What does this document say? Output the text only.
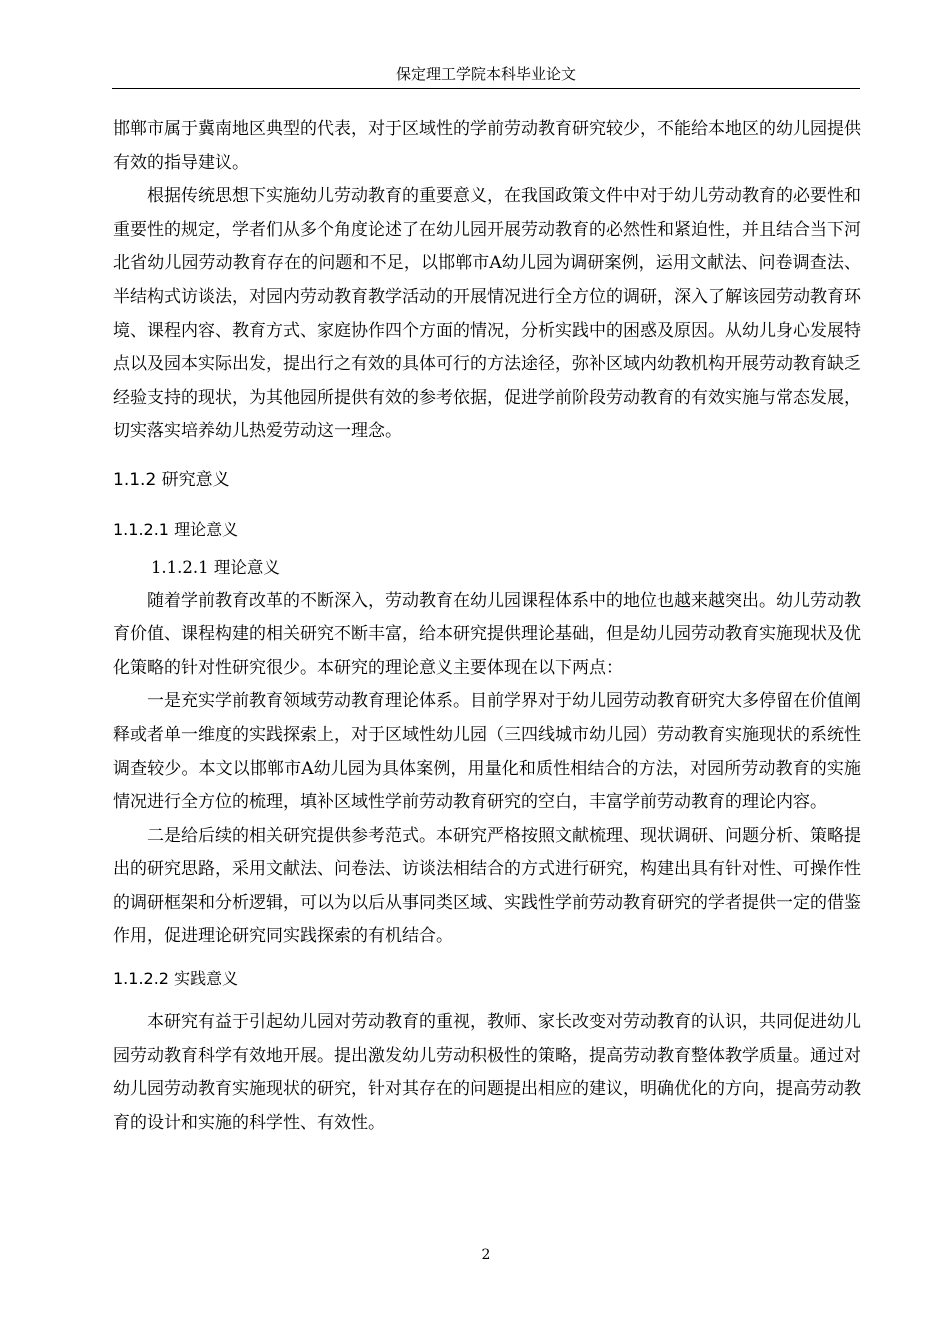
保定理工学院本科毕业论文

邯郸市属于冀南地区典型的代表，对于区域性的学前劳动教育研究较少，不能给本地区的幼儿园提供有效的指导建议。

根据传统思想下实施幼儿劳动教育的重要意义，在我国政策文件中对于幼儿劳动教育的必要性和重要性的规定，学者们从多个角度论述了在幼儿园开展劳动教育的必然性和紧迫性，并且结合当下河北省幼儿园劳动教育存在的问题和不足，以邯郸市A幼儿园为调研案例，运用文献法、问卷调查法、半结构式访谈法，对园内劳动教育教学活动的开展情况进行全方位的调研，深入了解该园劳动教育环境、课程内容、教育方式、家庭协作四个方面的情况，分析实践中的困惑及原因。从幼儿身心发展特点以及园本实际出发，提出行之有效的具体可行的方法途径，弥补区域内幼教机构开展劳动教育缺乏经验支持的现状，为其他园所提供有效的参考依据，促进学前阶段劳动教育的有效实施与常态发展，切实落实培养幼儿热爱劳动这一理念。

1.1.2 研究意义
1.1.2.1 理论意义

1.1.2.1 理论意义

随着学前教育改革的不断深入，劳动教育在幼儿园课程体系中的地位也越来越突出。幼儿劳动教育价值、课程构建的相关研究不断丰富，给本研究提供理论基础，但是幼儿园劳动教育实施现状及优化策略的针对性研究很少。本研究的理论意义主要体现在以下两点：

一是充实学前教育领域劳动教育理论体系。目前学界对于幼儿园劳动教育研究大多停留在价值阐释或者单一维度的实践探索上，对于区域性幼儿园（三四线城市幼儿园）劳动教育实施现状的系统性调查较少。本文以邯郸市A幼儿园为具体案例，用量化和质性相结合的方法，对园所劳动教育的实施情况进行全方位的梳理，填补区域性学前劳动教育研究的空白，丰富学前劳动教育的理论内容。

二是给后续的相关研究提供参考范式。本研究严格按照文献梳理、现状调研、问题分析、策略提出的研究思路，采用文献法、问卷法、访谈法相结合的方式进行研究，构建出具有针对性、可操作性的调研框架和分析逻辑，可以为以后从事同类区域、实践性学前劳动教育研究的学者提供一定的借鉴作用，促进理论研究同实践探索的有机结合。

1.1.2.2 实践意义

本研究有益于引起幼儿园对劳动教育的重视，教师、家长改变对劳动教育的认识，共同促进幼儿园劳动教育科学有效地开展。提出激发幼儿劳动积极性的策略，提高劳动教育整体教学质量。通过对幼儿园劳动教育实施现状的研究，针对其存在的问题提出相应的建议，明确优化的方向，提高劳动教育的设计和实施的科学性、有效性。

2
